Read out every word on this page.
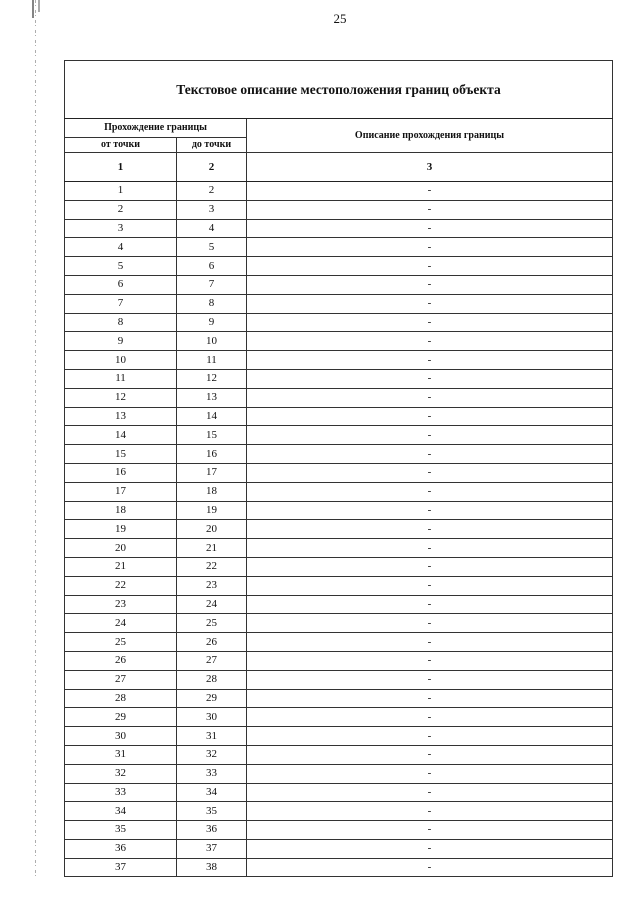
25
Текстовое описание местоположения границ объекта		
Прохождение границы		Описание прохождения границы
от точки	до точки	
1	2	3
1	2	-
2	3	-
3	4	-
4	5	-
5	6	-
6	7	-
7	8	-
8	9	-
9	10	-
10	11	-
11	12	-
12	13	-
13	14	-
14	15	-
15	16	-
16	17	-
17	18	-
18	19	-
19	20	-
20	21	-
21	22	-
22	23	-
23	24	-
24	25	-
25	26	-
26	27	-
27	28	-
28	29	-
29	30	-
30	31	-
31	32	-
32	33	-
33	34	-
34	35	-
35	36	-
36	37	-
37	38	-
